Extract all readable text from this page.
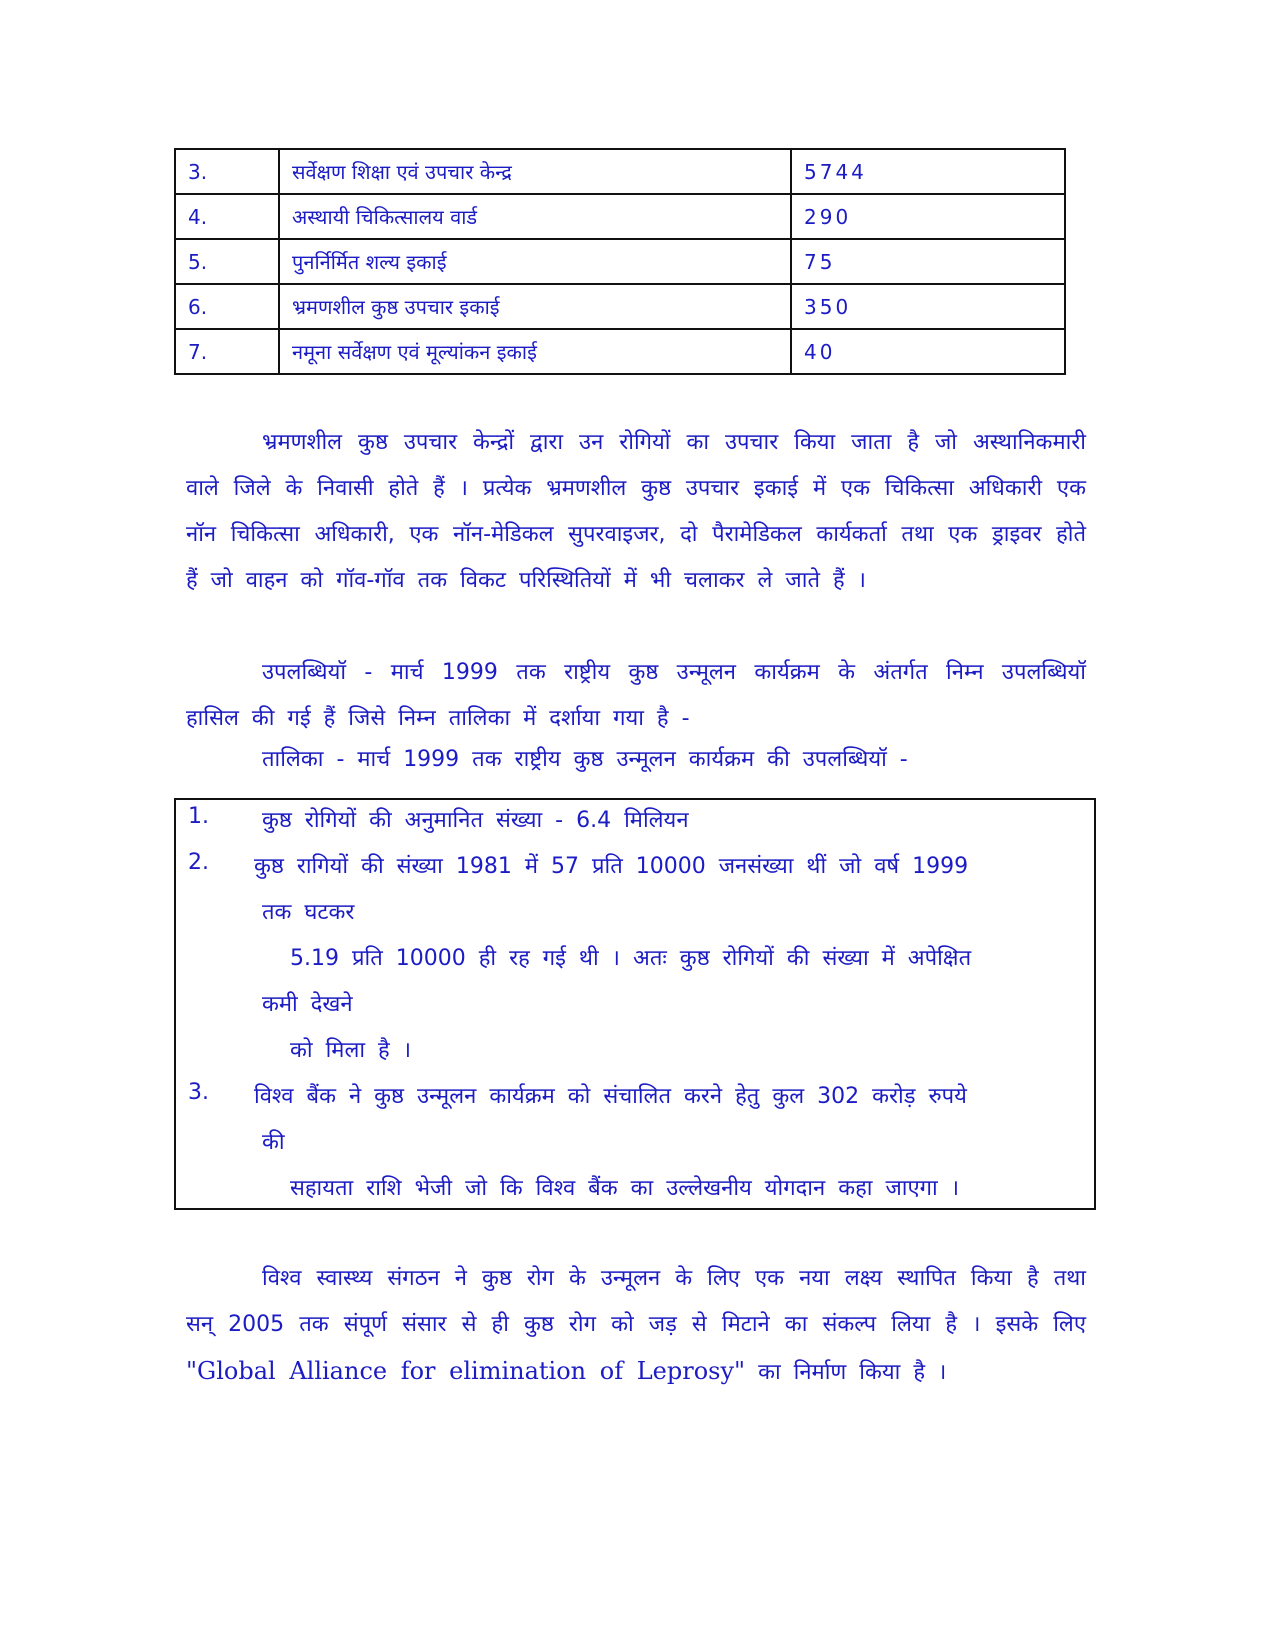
3.	सर्वेक्षण शिक्षा एवं उपचार केन्द्र	5744
4.	अस्थायी चिकित्सालय वार्ड	290
5.	पुनर्निर्मित शल्य इकाई	75
6.	भ्रमणशील कुष्ठ उपचार इकाई	350
7.	नमूना सर्वेक्षण एवं मूल्यांकन इकाई	40
भ्रमणशील कुष्ठ उपचार केन्द्रों द्वारा उन रोगियों का उपचार किया जाता है जो अस्थानिकमारी वाले जिले के निवासी होते हैं । प्रत्येक भ्रमणशील कुष्ठ उपचार इकाई में एक चिकित्सा अधिकारी एक नॉन चिकित्सा अधिकारी, एक नॉन-मेडिकल सुपरवाइजर, दो पैरामेडिकल कार्यकर्ता तथा एक ड्राइवर होते हैं जो वाहन को गॉव-गॉव तक विकट परिस्थितियों में भी चलाकर ले जाते हैं ।
उपलब्धियॉ - मार्च 1999 तक राष्ट्रीय कुष्ठ उन्मूलन कार्यक्रम के अंतर्गत निम्न उपलब्धियॉ हासिल की गई हैं जिसे निम्न तालिका में दर्शाया गया है -
तालिका - मार्च 1999 तक राष्ट्रीय कुष्ठ उन्मूलन कार्यक्रम की उपलब्धियॉ -
1. कुष्ठ रोगियों की अनुमानित संख्या - 6.4 मिलियन
2. कुष्ठ रागियों की संख्या 1981 में 57 प्रति 10000 जनसंख्या थीं जो वर्ष 1999
तक घटकर
5.19 प्रति 10000 ही रह गई थी । अतः कुष्ठ रोगियों की संख्या में अपेक्षित
कमी देखने
को मिला है ।
3. विश्व बैंक ने कुष्ठ उन्मूलन कार्यक्रम को संचालित करने हेतु कुल 302 करोड़ रुपये
की
सहायता राशि भेजी जो कि विश्व बैंक का उल्लेखनीय योगदान कहा जाएगा ।
विश्व स्वास्थ्य संगठन ने कुष्ठ रोग के उन्मूलन के लिए एक नया लक्ष्य स्थापित किया है तथा सन् 2005 तक संपूर्ण संसार से ही कुष्ठ रोग को जड़ से मिटाने का संकल्प लिया है । इसके लिए "Global Alliance for elimination of Leprosy" का निर्माण किया है ।
